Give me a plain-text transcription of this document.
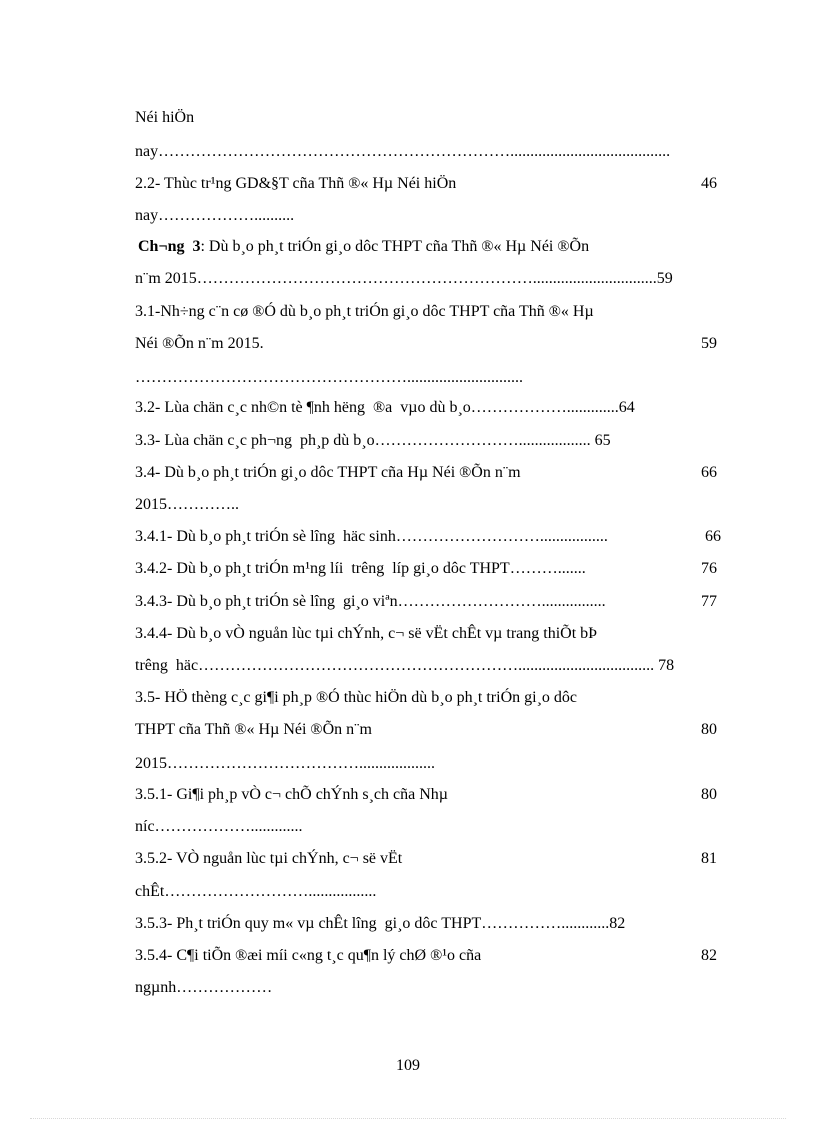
Néi hiÖn
nay…………………………………………………………........................................
2.2- Thùc tr¹ng GD&§T cña Thñ ®« Hµ Néi hiÖn	46
nay………………..........
Ch¬ng  3: Dù b¸o ph¸t triÓn gi¸o dôc THPT cña Thñ ®« Hµ Néi ®Õn
n¨m 2015………………………………………………………...............................59
3.1-Nh÷ng c¨n cø ®Ó dù b¸o ph¸t triÓn gi¸o dôc THPT cña Thñ ®« Hµ
Néi ®Õn n¨m 2015.	59
…………………………………………….............................
3.2- Lùa chän c¸c nh©n tè ¶nh hëng  ®a  vµo dù b¸o……………….............64
3.3- Lùa chän c¸c ph¬ng  ph¸p dù b¸o……………………….................. 65
3.4- Dù b¸o ph¸t triÓn gi¸o dôc THPT cña Hµ Néi ®Õn n¨m	66
2015…………..
3.4.1- Dù b¸o ph¸t triÓn sè lîng  häc sinh……………………….................	66
3.4.2- Dù b¸o ph¸t triÓn m¹ng líi  trêng  líp gi¸o dôc THPT……….......	76
3.4.3- Dù b¸o ph¸t triÓn sè lîng  gi¸o viªn………………………................	77
3.4.4- Dù b¸o vÒ nguån lùc tµi chÝnh, c¬ së vËt chÊt vµ trang thiÕt bÞ
trêng  häc…………………………………………………….................................. 78
3.5- HÖ thèng c¸c gi¶i ph¸p ®Ó thùc hiÖn dù b¸o ph¸t triÓn gi¸o dôc
THPT cña Thñ ®« Hµ Néi ®Õn n¨m	80
2015………………………………...................
3.5.1- Gi¶i ph¸p vÒ c¬ chÕ chÝnh s¸ch cña Nhµ	80
níc……………….............
3.5.2- VÒ nguån lùc tµi chÝnh, c¬ së vËt	81
chÊt……………………….................
3.5.3- Ph¸t triÓn quy m« vµ chÊt lîng  gi¸o dôc THPT……………............82
3.5.4- C¶i tiÕn ®æi míi c«ng t¸c qu¶n lý chØ ®¹o cña	82
ngµnh………………
109
